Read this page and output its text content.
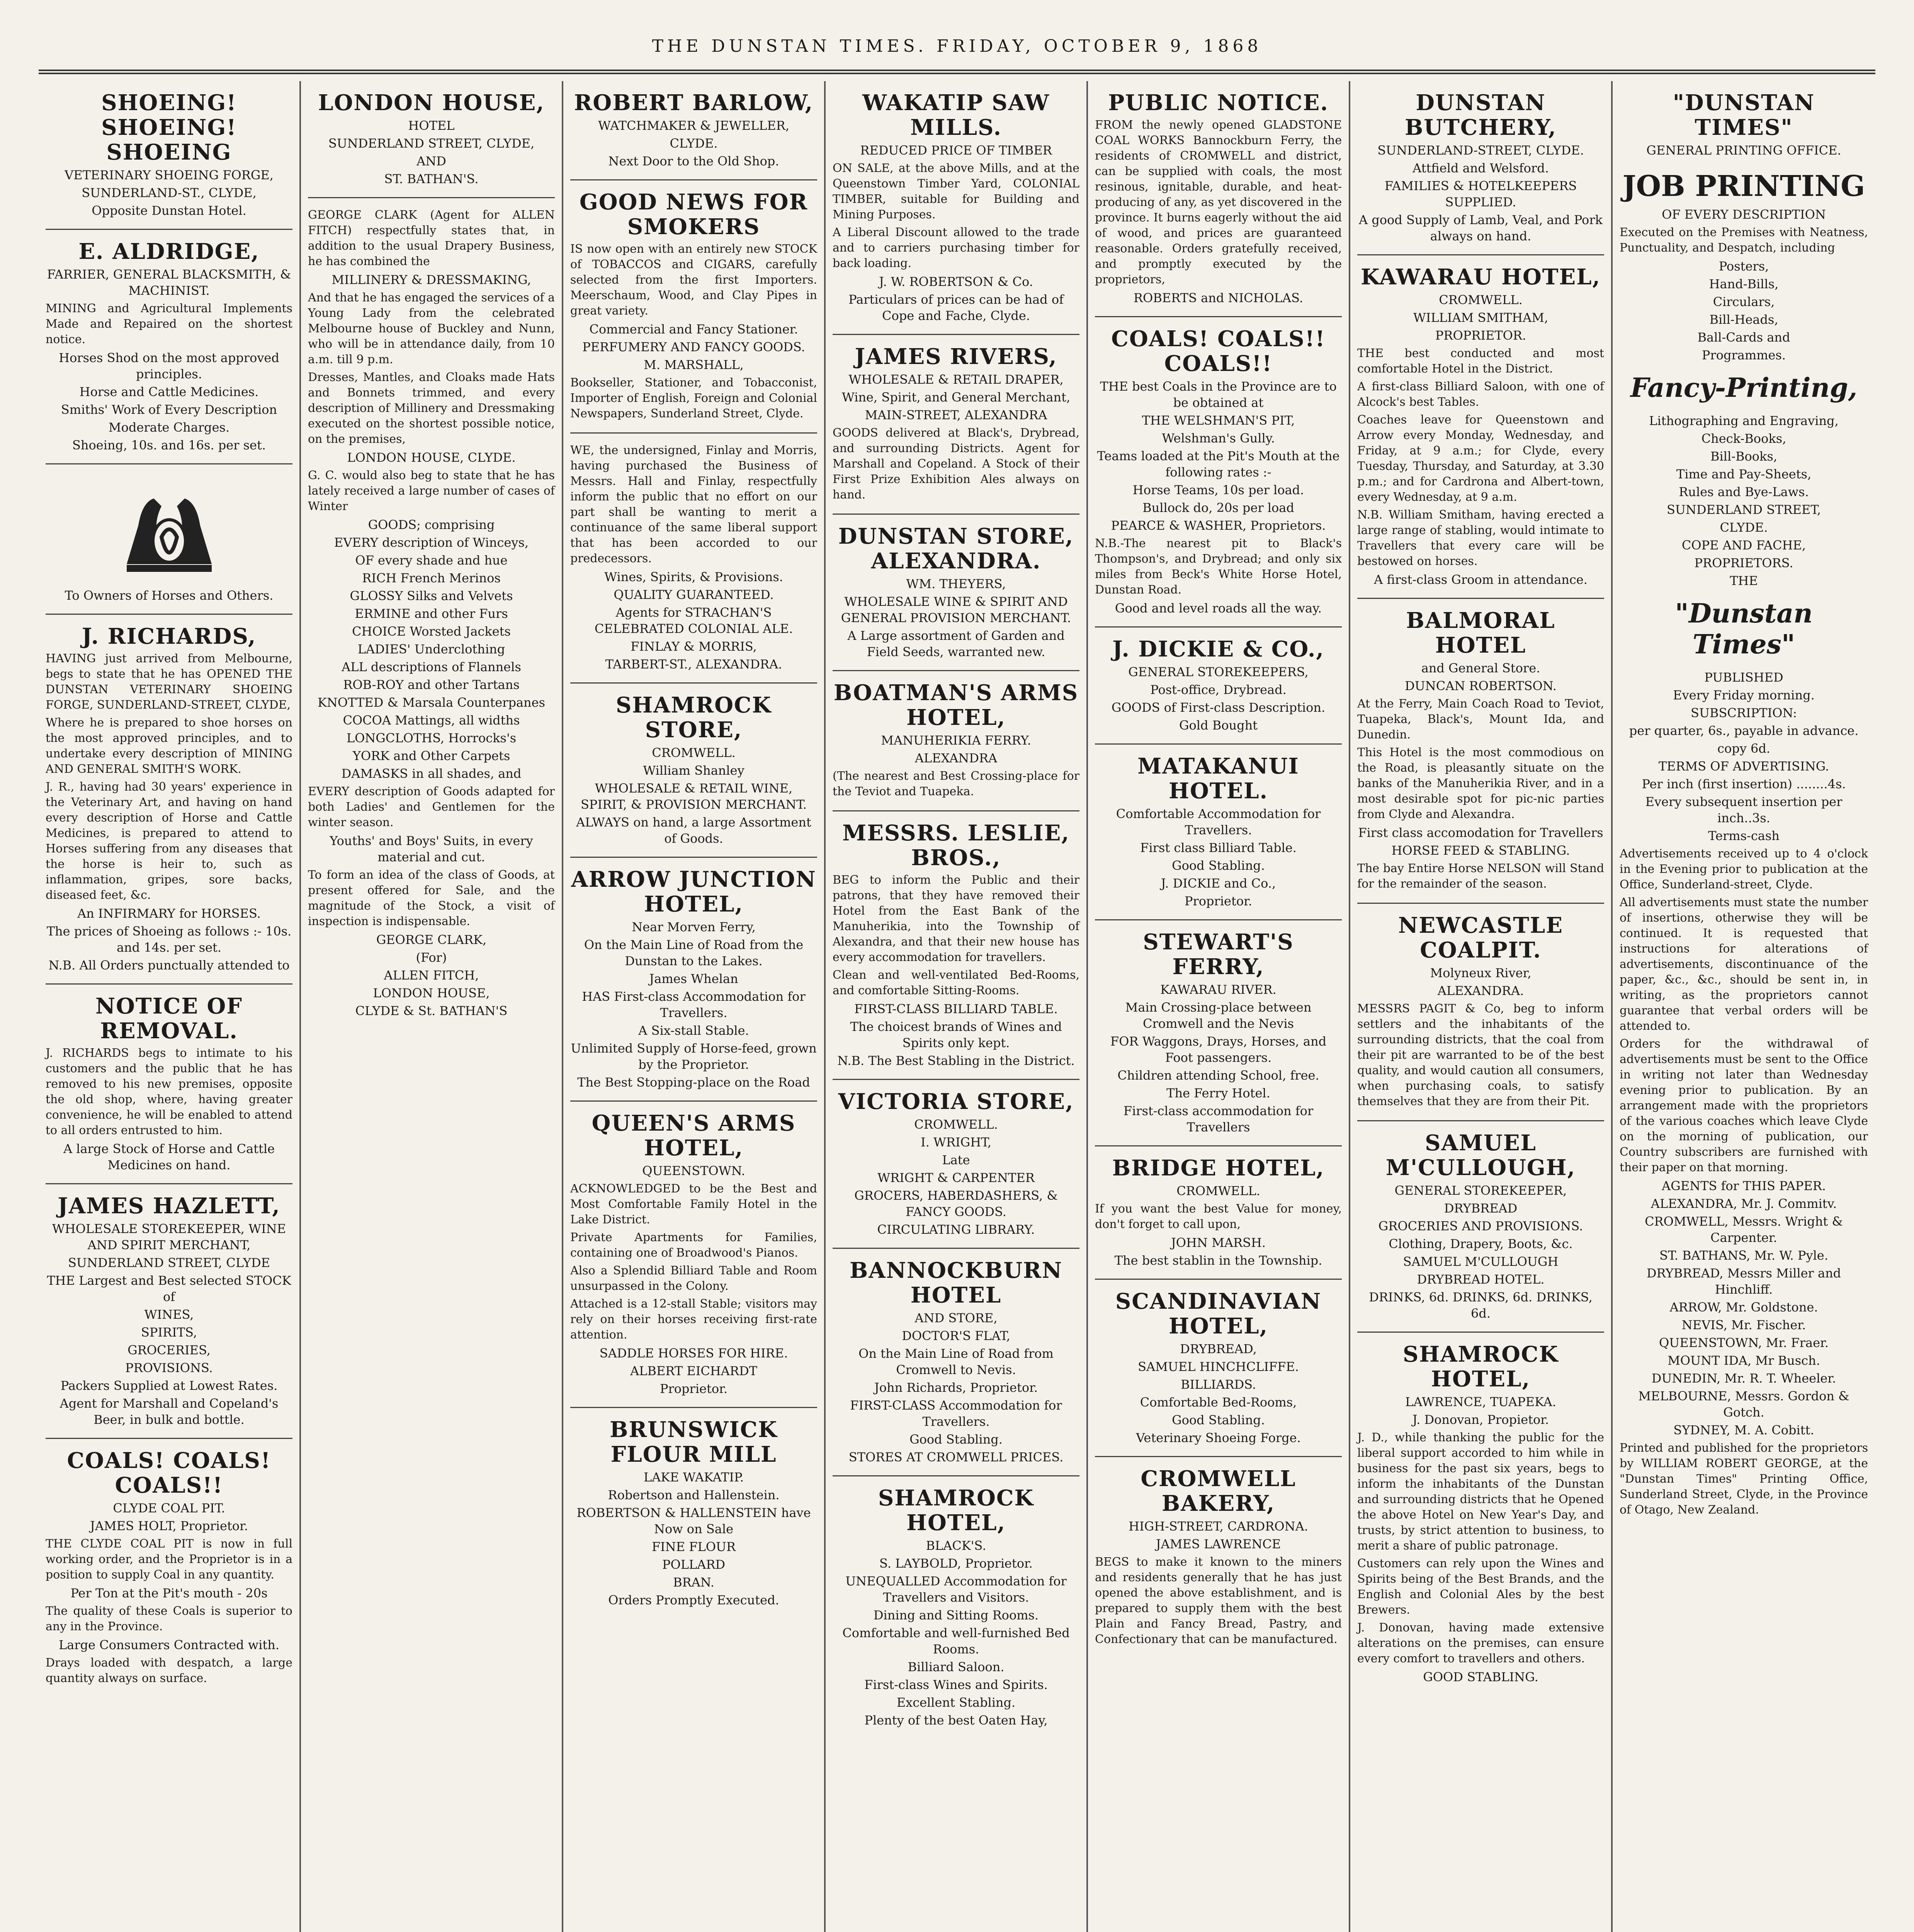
THE DUNSTAN TIMES. FRIDAY, OCTOBER 9, 1868
SHOEING! SHOEING! SHOEING
VETERINARY SHOEING FORGE,
SUNDERLAND-ST., CLYDE,
Opposite Dunstan Hotel.
E. ALDRIDGE,
FARRIER, GENERAL BLACKSMITH, & MACHINIST.
MINING and Agricultural Implements Made and Repaired on the shortest notice.
Horses Shod on the most approved principles.
Horse and Cattle Medicines.
Smiths' Work of Every Description
Moderate Charges.
Shoeing, 10s. and 16s. per set.
To Owners of Horses and Others.
J. RICHARDS,
HAVING just arrived from Melbourne, begs to state that he has OPENED THE DUNSTAN VETERINARY SHOEING FORGE, SUNDERLAND-STREET, CLYDE,
Where he is prepared to shoe horses on the most approved principles, and to undertake every description of MINING AND GENERAL SMITH'S WORK.
J. R., having had 30 years' experience in the Veterinary Art, and having on hand every description of Horse and Cattle Medicines, is prepared to attend to Horses suffering from any diseases that the horse is heir to, such as inflammation, gripes, sore backs, diseased feet, &c.
An INFIRMARY for HORSES.
The prices of Shoeing as follows :- 10s. and 14s. per set.
N.B. All Orders punctually attended to
NOTICE OF REMOVAL.
J. RICHARDS begs to intimate to his customers and the public that he has removed to his new premises, opposite the old shop, where, having greater convenience, he will be enabled to attend to all orders entrusted to him.
A large Stock of Horse and Cattle Medicines on hand.
JAMES HAZLETT,
WHOLESALE STOREKEEPER, WINE AND SPIRIT MERCHANT,
SUNDERLAND STREET, CLYDE
THE Largest and Best selected STOCK of
WINES,
SPIRITS,
GROCERIES,
PROVISIONS.
Packers Supplied at Lowest Rates.
Agent for Marshall and Copeland's Beer, in bulk and bottle.
COALS! COALS! COALS!!
CLYDE COAL PIT.
JAMES HOLT, Proprietor.
THE CLYDE COAL PIT is now in full working order, and the Proprietor is in a position to supply Coal in any quantity.
Per Ton at the Pit's mouth - 20s
The quality of these Coals is superior to any in the Province.
Large Consumers Contracted with.
Drays loaded with despatch, a large quantity always on surface.
LONDON HOUSE,
HOTEL
SUNDERLAND STREET, CLYDE,
AND
ST. BATHAN'S.
GEORGE CLARK (Agent for ALLEN FITCH) respectfully states that, in addition to the usual Drapery Business, he has combined the
MILLINERY & DRESSMAKING,
And that he has engaged the services of a Young Lady from the celebrated Melbourne house of Buckley and Nunn, who will be in attendance daily, from 10 a.m. till 9 p.m.
Dresses, Mantles, and Cloaks made Hats and Bonnets trimmed, and every description of Millinery and Dressmaking executed on the shortest possible notice, on the premises,
LONDON HOUSE, CLYDE.
G. C. would also beg to state that he has lately received a large number of cases of Winter
GOODS; comprising
EVERY description of Winceys,
OF every shade and hue
RICH French Merinos
GLOSSY Silks and Velvets
ERMINE and other Furs
CHOICE Worsted Jackets
LADIES' Underclothing
ALL descriptions of Flannels
ROB-ROY and other Tartans
KNOTTED & Marsala Counterpanes
COCOA Mattings, all widths
LONGCLOTHS, Horrocks's
YORK and Other Carpets
DAMASKS in all shades, and
EVERY description of Goods adapted for both Ladies' and Gentlemen for the winter season.
Youths' and Boys' Suits, in every material and cut.
To form an idea of the class of Goods, at present offered for Sale, and the magnitude of the Stock, a visit of inspection is indispensable.
GEORGE CLARK,
(For)
ALLEN FITCH,
LONDON HOUSE,
CLYDE & St. BATHAN'S
ROBERT BARLOW,
WATCHMAKER & JEWELLER,
CLYDE.
Next Door to the Old Shop.
GOOD NEWS FOR SMOKERS
IS now open with an entirely new STOCK of TOBACCOS and CIGARS, carefully selected from the first Importers. Meerschaum, Wood, and Clay Pipes in great variety.
Commercial and Fancy Stationer.
PERFUMERY AND FANCY GOODS.
M. MARSHALL,
Bookseller, Stationer, and Tobacconist, Importer of English, Foreign and Colonial Newspapers, Sunderland Street, Clyde.
WE, the undersigned, Finlay and Morris, having purchased the Business of Messrs. Hall and Finlay, respectfully inform the public that no effort on our part shall be wanting to merit a continuance of the same liberal support that has been accorded to our predecessors.
Wines, Spirits, & Provisions.
QUALITY GUARANTEED.
Agents for STRACHAN'S CELEBRATED COLONIAL ALE.
FINLAY & MORRIS,
TARBERT-ST., ALEXANDRA.
SHAMROCK STORE,
CROMWELL.
William Shanley
WHOLESALE & RETAIL WINE, SPIRIT, & PROVISION MERCHANT.
ALWAYS on hand, a large Assortment of Goods.
ARROW JUNCTION HOTEL,
Near Morven Ferry,
On the Main Line of Road from the Dunstan to the Lakes.
James Whelan
HAS First-class Accommodation for Travellers.
A Six-stall Stable.
Unlimited Supply of Horse-feed, grown by the Proprietor.
The Best Stopping-place on the Road
QUEEN'S ARMS HOTEL,
QUEENSTOWN.
ACKNOWLEDGED to be the Best and Most Comfortable Family Hotel in the Lake District.
Private Apartments for Families, containing one of Broadwood's Pianos.
Also a Splendid Billiard Table and Room unsurpassed in the Colony.
Attached is a 12-stall Stable; visitors may rely on their horses receiving first-rate attention.
SADDLE HORSES FOR HIRE.
ALBERT EICHARDT
Proprietor.
BRUNSWICK FLOUR MILL
LAKE WAKATIP.
Robertson and Hallenstein.
ROBERTSON & HALLENSTEIN have Now on Sale
FINE FLOUR
POLLARD
BRAN.
Orders Promptly Executed.
WAKATIP SAW MILLS.
REDUCED PRICE OF TIMBER
ON SALE, at the above Mills, and at the Queenstown Timber Yard, COLONIAL TIMBER, suitable for Building and Mining Purposes.
A Liberal Discount allowed to the trade and to carriers purchasing timber for back loading.
J. W. ROBERTSON & Co.
Particulars of prices can be had of Cope and Fache, Clyde.
JAMES RIVERS,
WHOLESALE & RETAIL DRAPER,
Wine, Spirit, and General Merchant,
MAIN-STREET, ALEXANDRA
GOODS delivered at Black's, Drybread, and surrounding Districts. Agent for Marshall and Copeland. A Stock of their First Prize Exhibition Ales always on hand.
DUNSTAN STORE, ALEXANDRA.
WM. THEYERS,
WHOLESALE WINE & SPIRIT AND GENERAL PROVISION MERCHANT.
A Large assortment of Garden and Field Seeds, warranted new.
BOATMAN'S ARMS HOTEL,
MANUHERIKIA FERRY.
ALEXANDRA
(The nearest and Best Crossing-place for the Teviot and Tuapeka.
MESSRS. LESLIE, BROS.,
BEG to inform the Public and their patrons, that they have removed their Hotel from the East Bank of the Manuherikia, into the Township of Alexandra, and that their new house has every accommodation for travellers.
Clean and well-ventilated Bed-Rooms, and comfortable Sitting-Rooms.
FIRST-CLASS BILLIARD TABLE.
The choicest brands of Wines and Spirits only kept.
N.B. The Best Stabling in the District.
VICTORIA STORE,
CROMWELL.
I. WRIGHT,
Late
WRIGHT & CARPENTER
GROCERS, HABERDASHERS, & FANCY GOODS.
CIRCULATING LIBRARY.
BANNOCKBURN HOTEL
AND STORE,
DOCTOR'S FLAT,
On the Main Line of Road from Cromwell to Nevis.
John Richards, Proprietor.
FIRST-CLASS Accommodation for Travellers.
Good Stabling.
STORES AT CROMWELL PRICES.
SHAMROCK HOTEL,
BLACK'S.
S. LAYBOLD, Proprietor.
UNEQUALLED Accommodation for Travellers and Visitors.
Dining and Sitting Rooms.
Comfortable and well-furnished Bed Rooms.
Billiard Saloon.
First-class Wines and Spirits.
Excellent Stabling.
Plenty of the best Oaten Hay,
PUBLIC NOTICE.
FROM the newly opened GLADSTONE COAL WORKS Bannockburn Ferry, the residents of CROMWELL and district, can be supplied with coals, the most resinous, ignitable, durable, and heat-producing of any, as yet discovered in the province. It burns eagerly without the aid of wood, and prices are guaranteed reasonable. Orders gratefully received, and promptly executed by the proprietors,
ROBERTS and NICHOLAS.
COALS! COALS!! COALS!!
THE best Coals in the Province are to be obtained at
THE WELSHMAN'S PIT,
Welshman's Gully.
Teams loaded at the Pit's Mouth at the following rates :-
Horse Teams, 10s per load.
Bullock do, 20s per load
PEARCE & WASHER, Proprietors.
N.B.-The nearest pit to Black's Thompson's, and Drybread; and only six miles from Beck's White Horse Hotel, Dunstan Road.
Good and level roads all the way.
J. DICKIE & CO.,
GENERAL STOREKEEPERS,
Post-office, Drybread.
GOODS of First-class Description.
Gold Bought
MATAKANUI HOTEL.
Comfortable Accommodation for Travellers.
First class Billiard Table.
Good Stabling.
J. DICKIE and Co.,
Proprietor.
STEWART'S FERRY,
KAWARAU RIVER.
Main Crossing-place between Cromwell and the Nevis
FOR Waggons, Drays, Horses, and Foot passengers.
Children attending School, free.
The Ferry Hotel.
First-class accommodation for Travellers
BRIDGE HOTEL,
CROMWELL.
If you want the best Value for money, don't forget to call upon,
JOHN MARSH.
The best stablin in the Township.
SCANDINAVIAN HOTEL,
DRYBREAD,
SAMUEL HINCHCLIFFE.
BILLIARDS.
Comfortable Bed-Rooms,
Good Stabling.
Veterinary Shoeing Forge.
CROMWELL BAKERY,
HIGH-STREET, CARDRONA.
JAMES LAWRENCE
BEGS to make it known to the miners and residents generally that he has just opened the above establishment, and is prepared to supply them with the best Plain and Fancy Bread, Pastry, and Confectionary that can be manufactured.
DUNSTAN BUTCHERY,
SUNDERLAND-STREET, CLYDE.
Attfield and Welsford.
FAMILIES & HOTELKEEPERS SUPPLIED.
A good Supply of Lamb, Veal, and Pork always on hand.
KAWARAU HOTEL,
CROMWELL.
WILLIAM SMITHAM,
PROPRIETOR.
THE best conducted and most comfortable Hotel in the District.
A first-class Billiard Saloon, with one of Alcock's best Tables.
Coaches leave for Queenstown and Arrow every Monday, Wednesday, and Friday, at 9 a.m.; for Clyde, every Tuesday, Thursday, and Saturday, at 3.30 p.m.; and for Cardrona and Albert-town, every Wednesday, at 9 a.m.
N.B. William Smitham, having erected a large range of stabling, would intimate to Travellers that every care will be bestowed on horses.
A first-class Groom in attendance.
BALMORAL HOTEL
and General Store.
DUNCAN ROBERTSON.
At the Ferry, Main Coach Road to Teviot, Tuapeka, Black's, Mount Ida, and Dunedin.
This Hotel is the most commodious on the Road, is pleasantly situate on the banks of the Manuherikia River, and in a most desirable spot for pic-nic parties from Clyde and Alexandra.
First class accomodation for Travellers
HORSE FEED & STABLING.
The bay Entire Horse NELSON will Stand for the remainder of the season.
NEWCASTLE COALPIT.
Molyneux River,
ALEXANDRA.
MESSRS PAGIT & Co, beg to inform settlers and the inhabitants of the surrounding districts, that the coal from their pit are warranted to be of the best quality, and would caution all consumers, when purchasing coals, to satisfy themselves that they are from their Pit.
SAMUEL M'CULLOUGH,
GENERAL STOREKEEPER,
DRYBREAD
GROCERIES AND PROVISIONS.
Clothing, Drapery, Boots, &c.
SAMUEL M'CULLOUGH
DRYBREAD HOTEL.
DRINKS, 6d. DRINKS, 6d. DRINKS, 6d.
SHAMROCK HOTEL,
LAWRENCE, TUAPEKA.
J. Donovan, Propietor.
J. D., while thanking the public for the liberal support accorded to him while in business for the past six years, begs to inform the inhabitants of the Dunstan and surrounding districts that he Opened the above Hotel on New Year's Day, and trusts, by strict attention to business, to merit a share of public patronage.
Customers can rely upon the Wines and Spirits being of the Best Brands, and the English and Colonial Ales by the best Brewers.
J. Donovan, having made extensive alterations on the premises, can ensure every comfort to travellers and others.
GOOD STABLING.
"DUNSTAN TIMES"
GENERAL PRINTING OFFICE.
JOB PRINTING
OF EVERY DESCRIPTION
Executed on the Premises with Neatness, Punctuality, and Despatch, including
Posters,
Hand-Bills,
Circulars,
Bill-Heads,
Ball-Cards and
Programmes.
Fancy-Printing,
Lithographing and Engraving,
Check-Books,
Bill-Books,
Time and Pay-Sheets,
Rules and Bye-Laws.
SUNDERLAND STREET,
CLYDE.
COPE AND FACHE,
PROPRIETORS.
THE
"Dunstan Times"
PUBLISHED
Every Friday morning.
SUBSCRIPTION:
per quarter, 6s., payable in advance.
copy 6d.
TERMS OF ADVERTISING.
Per inch (first insertion) ........4s.
Every subsequent insertion per inch..3s.
Terms-cash
Advertisements received up to 4 o'clock in the Evening prior to publication at the Office, Sunderland-street, Clyde.
All advertisements must state the number of insertions, otherwise they will be continued. It is requested that instructions for alterations of advertisements, discontinuance of the paper, &c., &c., should be sent in, in writing, as the proprietors cannot guarantee that verbal orders will be attended to.
Orders for the withdrawal of advertisements must be sent to the Office in writing not later than Wednesday evening prior to publication. By an arrangement made with the proprietors of the various coaches which leave Clyde on the morning of publication, our Country subscribers are furnished with their paper on that morning.
AGENTS for THIS PAPER.
ALEXANDRA, Mr. J. Commitv.
CROMWELL, Messrs. Wright & Carpenter.
ST. BATHANS, Mr. W. Pyle.
DRYBREAD, Messrs Miller and Hinchliff.
ARROW, Mr. Goldstone.
NEVIS, Mr. Fischer.
QUEENSTOWN, Mr. Fraer.
MOUNT IDA, Mr Busch.
DUNEDIN, Mr. R. T. Wheeler.
MELBOURNE, Messrs. Gordon & Gotch.
SYDNEY, M. A. Cobitt.
Printed and published for the proprietors by WILLIAM ROBERT GEORGE, at the "Dunstan Times" Printing Office, Sunderland Street, Clyde, in the Province of Otago, New Zealand.
